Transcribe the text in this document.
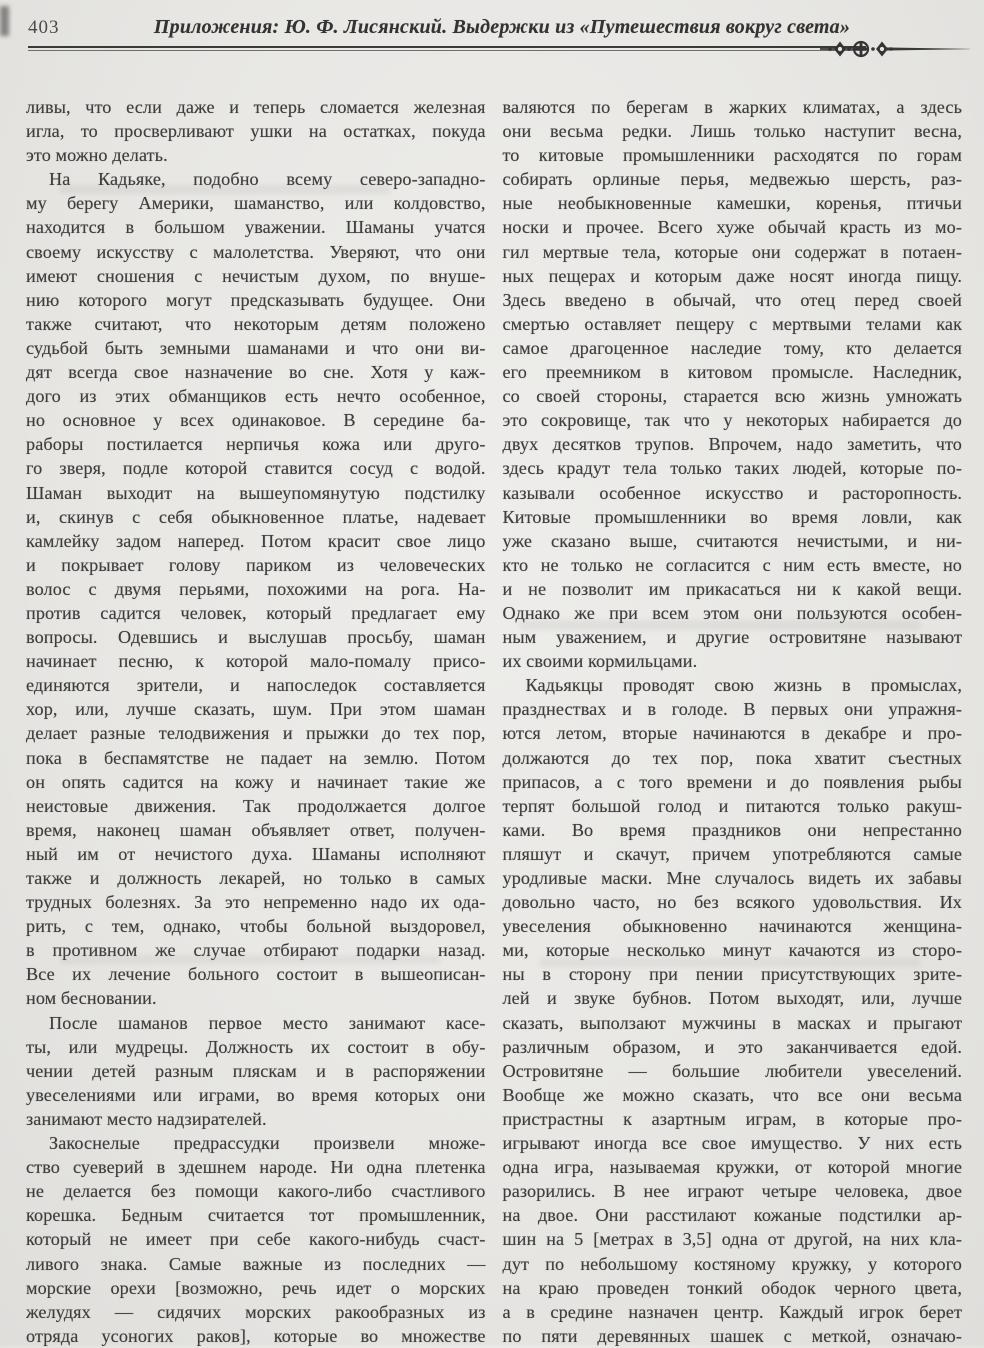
403	Приложения: Ю. Ф. Лисянский. Выдержки из «Путешествия вокруг света»
ливы, что если даже и теперь сломается железная
игла, то просверливают ушки на остатках, покуда
это можно делать.
На Кадьяке, подобно всему северо-западно-
му берегу Америки, шаманство, или колдовство,
находится в большом уважении. Шаманы учатся
своему искусству с малолетства. Уверяют, что они
имеют сношения с нечистым духом, по внуше-
нию которого могут предсказывать будущее. Они
также считают, что некоторым детям положено
судьбой быть земными шаманами и что они ви-
дят всегда свое назначение во сне. Хотя у каж-
дого из этих обманщиков есть нечто особенное,
но основное у всех одинаковое. В середине ба-
раборы постилается нерпичья кожа или друго-
го зверя, подле которой ставится сосуд с водой.
Шаман выходит на вышеупомянутую подстилку
и, скинув с себя обыкновенное платье, надевает
камлейку задом наперед. Потом красит свое лицо
и покрывает голову париком из человеческих
волос с двумя перьями, похожими на рога. На-
против садится человек, который предлагает ему
вопросы. Одевшись и выслушав просьбу, шаман
начинает песню, к которой мало-помалу присо-
единяются зрители, и напоследок составляется
хор, или, лучше сказать, шум. При этом шаман
делает разные телодвижения и прыжки до тех пор,
пока в беспамятстве не падает на землю. Потом
он опять садится на кожу и начинает такие же
неистовые движения. Так продолжается долгое
время, наконец шаман объявляет ответ, получен-
ный им от нечистого духа. Шаманы исполняют
также и должность лекарей, но только в самых
трудных болезнях. За это непременно надо их ода-
рить, с тем, однако, чтобы больной выздоровел,
в противном же случае отбирают подарки назад.
Все их лечение больного состоит в вышеописан-
ном бесновании.
После шаманов первое место занимают касе-
ты, или мудрецы. Должность их состоит в обу-
чении детей разным пляскам и в распоряжении
увеселениями или играми, во время которых они
занимают место надзирателей.
Закоснелые предрассудки произвели множе-
ство суеверий в здешнем народе. Ни одна плетенка
не делается без помощи какого-либо счастливого
корешка. Бедным считается тот промышленник,
который не имеет при себе какого-нибудь счаст-
ливого знака. Самые важные из последних —
морские орехи [возможно, речь идет о морских
желудях — сидячих морских ракообразных из
отряда усоногих раков], которые во множестве
валяются по берегам в жарких климатах, а здесь
они весьма редки. Лишь только наступит весна,
то китовые промышленники расходятся по горам
собирать орлиные перья, медвежью шерсть, раз-
ные необыкновенные камешки, коренья, птичьи
носки и прочее. Всего хуже обычай красть из мо-
гил мертвые тела, которые они содержат в потаен-
ных пещерах и которым даже носят иногда пищу.
Здесь введено в обычай, что отец перед своей
смертью оставляет пещеру с мертвыми телами как
самое драгоценное наследие тому, кто делается
его преемником в китовом промысле. Наследник,
со своей стороны, старается всю жизнь умножать
это сокровище, так что у некоторых набирается до
двух десятков трупов. Впрочем, надо заметить, что
здесь крадут тела только таких людей, которые по-
казывали особенное искусство и расторопность.
Китовые промышленники во время ловли, как
уже сказано выше, считаются нечистыми, и ни-
кто не только не согласится с ним есть вместе, но
и не позволит им прикасаться ни к какой вещи.
Однако же при всем этом они пользуются особен-
ным уважением, и другие островитяне называют
их своими кормильцами.
Кадьякцы проводят свою жизнь в промыслах,
празднествах и в голоде. В первых они упражня-
ются летом, вторые начинаются в декабре и про-
должаются до тех пор, пока хватит съестных
припасов, а с того времени и до появления рыбы
терпят большой голод и питаются только ракуш-
ками. Во время праздников они непрестанно
пляшут и скачут, причем употребляются самые
уродливые маски. Мне случалось видеть их забавы
довольно часто, но без всякого удовольствия. Их
увеселения обыкновенно начинаются женщина-
ми, которые несколько минут качаются из сторо-
ны в сторону при пении присутствующих зрите-
лей и звуке бубнов. Потом выходят, или, лучше
сказать, выползают мужчины в масках и прыгают
различным образом, и это заканчивается едой.
Островитяне — большие любители увеселений.
Вообще же можно сказать, что все они весьма
пристрастны к азартным играм, в которые про-
игрывают иногда все свое имущество. У них есть
одна игра, называемая кружки, от которой многие
разорились. В нее играют четыре человека, двое
на двое. Они расстилают кожаные подстилки ар-
шин на 5 [метрах в 3,5] одна от другой, на них кла-
дут по небольшому костяному кружку, у которого
на краю проведен тонкий ободок черного цвета,
а в средине назначен центр. Каждый игрок берет
по пяти деревянных шашек с меткой, означаю-
